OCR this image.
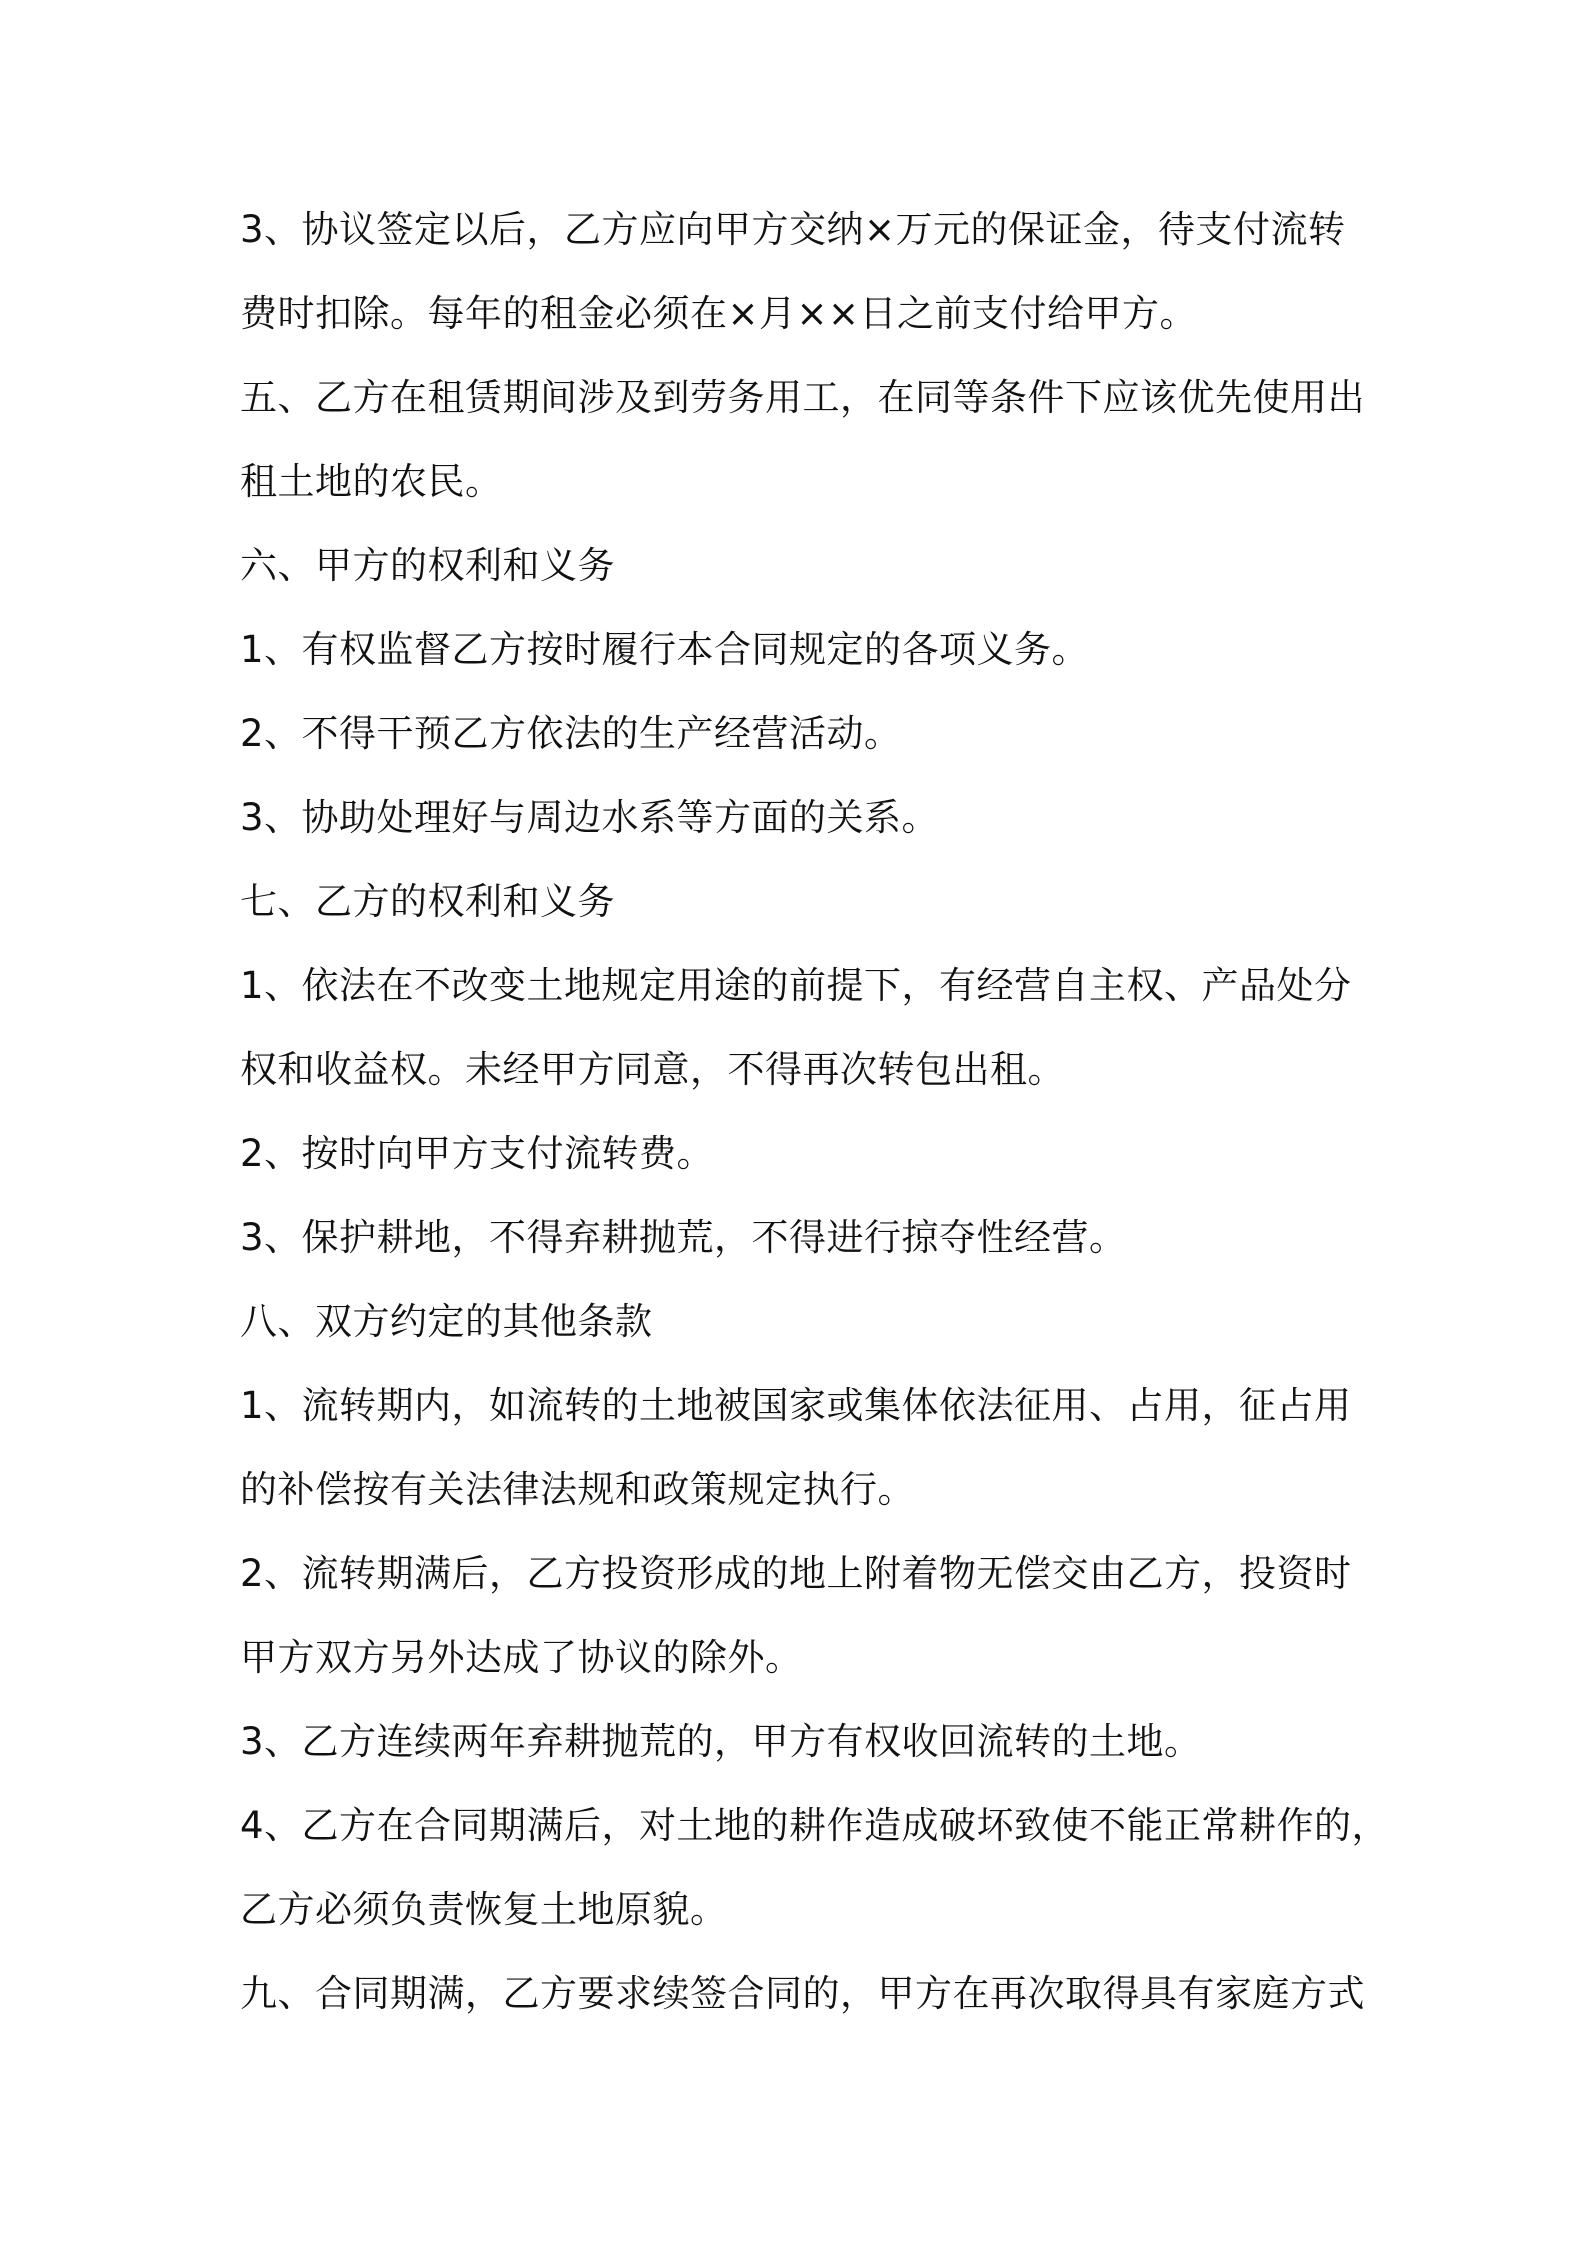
3、协议签定以后，乙方应向甲方交纳×万元的保证金，待支付流转

费时扣除。每年的租金必须在×月××日之前支付给甲方。

五、乙方在租赁期间涉及到劳务用工，在同等条件下应该优先使用出

租土地的农民。

六、甲方的权利和义务

1、有权监督乙方按时履行本合同规定的各项义务。

2、不得干预乙方依法的生产经营活动。

3、协助处理好与周边水系等方面的关系。

七、乙方的权利和义务

1、依法在不改变土地规定用途的前提下，有经营自主权、产品处分

权和收益权。未经甲方同意，不得再次转包出租。

2、按时向甲方支付流转费。

3、保护耕地，不得弃耕抛荒，不得进行掠夺性经营。

八、双方约定的其他条款

1、流转期内，如流转的土地被国家或集体依法征用、占用，征占用

的补偿按有关法律法规和政策规定执行。

2、流转期满后，乙方投资形成的地上附着物无偿交由乙方，投资时

甲方双方另外达成了协议的除外。

3、乙方连续两年弃耕抛荒的，甲方有权收回流转的土地。

4、乙方在合同期满后，对土地的耕作造成破坏致使不能正常耕作的，

乙方必须负责恢复土地原貌。

九、合同期满，乙方要求续签合同的，甲方在再次取得具有家庭方式
